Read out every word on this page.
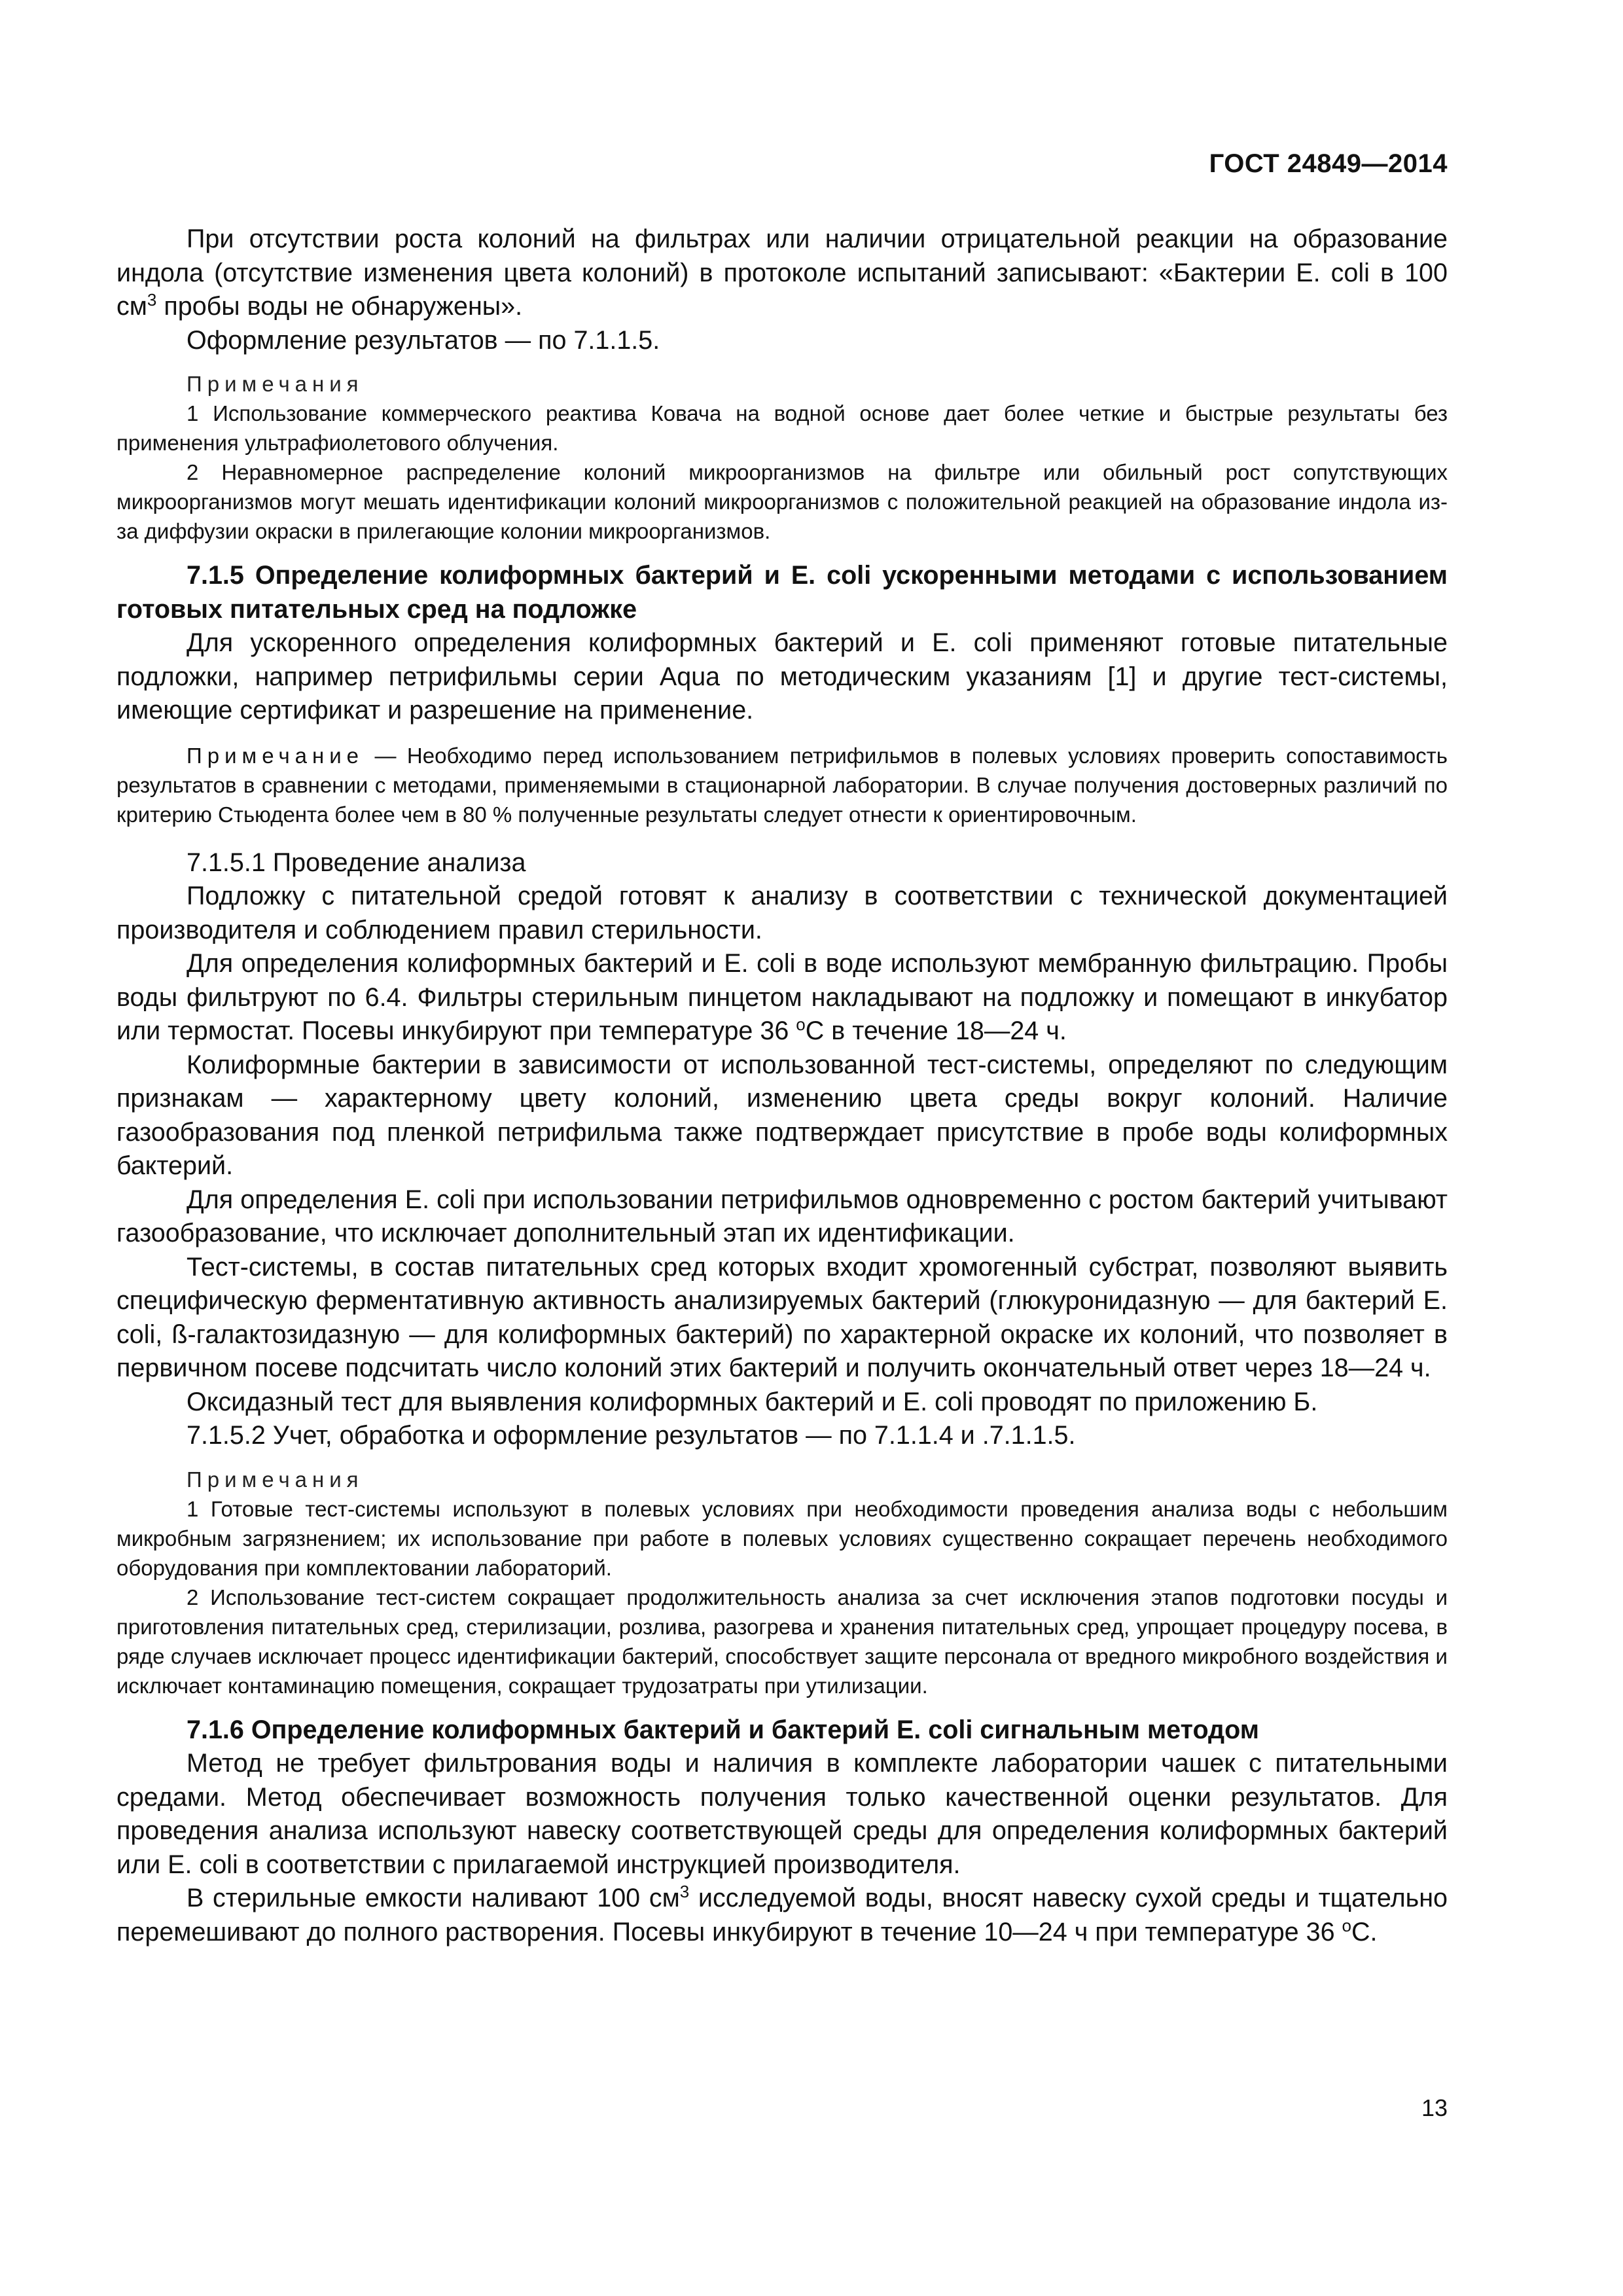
ГОСТ 24849—2014

При отсутствии роста колоний на фильтрах или наличии отрицательной реакции на образование индола (отсутствие изменения цвета колоний) в протоколе испытаний записывают: «Бактерии E. coli в 100 $см^3$ пробы воды не обнаружены».

Оформление результатов — по 7.1.1.5.

Примечания

1 Использование коммерческого реактива Ковача на водной основе дает более четкие и быстрые результаты без применения ультрафиолетового облучения.

2 Неравномерное распределение колоний микроорганизмов на фильтре или обильный рост сопутствующих микроорганизмов могут мешать идентификации колоний микроорганизмов с положительной реакцией на образование индола из-за диффузии окраски в прилегающие колонии микроорганизмов.

7.1.5 Определение колиформных бактерий и E. coli ускоренными методами с использованием готовых питательных сред на подложке

Для ускоренного определения колиформных бактерий и E. coli применяют готовые питательные подложки, например петрифильмы серии Aqua по методическим указаниям [1] и другие тест-системы, имеющие сертификат и разрешение на применение.

Примечание — Необходимо перед использованием петрифильмов в полевых условиях проверить сопоставимость результатов в сравнении с методами, применяемыми в стационарной лаборатории. В случае получения достоверных различий по критерию Стьюдента более чем в 80 % полученные результаты следует отнести к ориентировочным.

7.1.5.1 Проведение анализа

Подложку с питательной средой готовят к анализу в соответствии с технической документацией производителя и соблюдением правил стерильности.

Для определения колиформных бактерий и E. coli в воде используют мембранную фильтрацию. Пробы воды фильтруют по 6.4. Фильтры стерильным пинцетом накладывают на подложку и помещают в инкубатор или термостат. Посевы инкубируют при температуре 36 $^о$С в течение 18—24 ч.

Колиформные бактерии в зависимости от использованной тест-системы, определяют по следующим признакам — характерному цвету колоний, изменению цвета среды вокруг колоний. Наличие газообразования под пленкой петрифильма также подтверждает присутствие в пробе воды колиформных бактерий.

Для определения E. coli при использовании петрифильмов одновременно с ростом бактерий учитывают газообразование, что исключает дополнительный этап их идентификации.

Тест-системы, в состав питательных сред которых входит хромогенный субстрат, позволяют выявить специфическую ферментативную активность анализируемых бактерий (глюкуронидазную — для бактерий E. coli, ß-галактозидазную — для колиформных бактерий) по характерной окраске их колоний, что позволяет в первичном посеве подсчитать число колоний этих бактерий и получить окончательный ответ через 18—24 ч.

Оксидазный тест для выявления колиформных бактерий и E. coli проводят по приложению Б.

7.1.5.2 Учет, обработка и оформление результатов — по 7.1.1.4 и .7.1.1.5.

Примечания

1 Готовые тест-системы используют в полевых условиях при необходимости проведения анализа воды с небольшим микробным загрязнением; их использование при работе в полевых условиях существенно сокращает перечень необходимого оборудования при комплектовании лабораторий.

2 Использование тест-систем сокращает продолжительность анализа за счет исключения этапов подготовки посуды и приготовления питательных сред, стерилизации, розлива, разогрева и хранения питательных сред, упрощает процедуру посева, в ряде случаев исключает процесс идентификации бактерий, способствует защите персонала от вредного микробного воздействия и исключает контаминацию помещения, сокращает трудозатраты при утилизации.

7.1.6 Определение колиформных бактерий и бактерий E. coli сигнальным методом

Метод не требует фильтрования воды и наличия в комплекте лаборатории чашек с питательными средами. Метод обеспечивает возможность получения только качественной оценки результатов. Для проведения анализа используют навеску соответствующей среды для определения колиформных бактерий или E. coli в соответствии с прилагаемой инструкцией производителя.

В стерильные емкости наливают 100 $см^3$ исследуемой воды, вносят навеску сухой среды и тщательно перемешивают до полного растворения. Посевы инкубируют в течение 10—24 ч при температуре 36 $^о$С.

13
